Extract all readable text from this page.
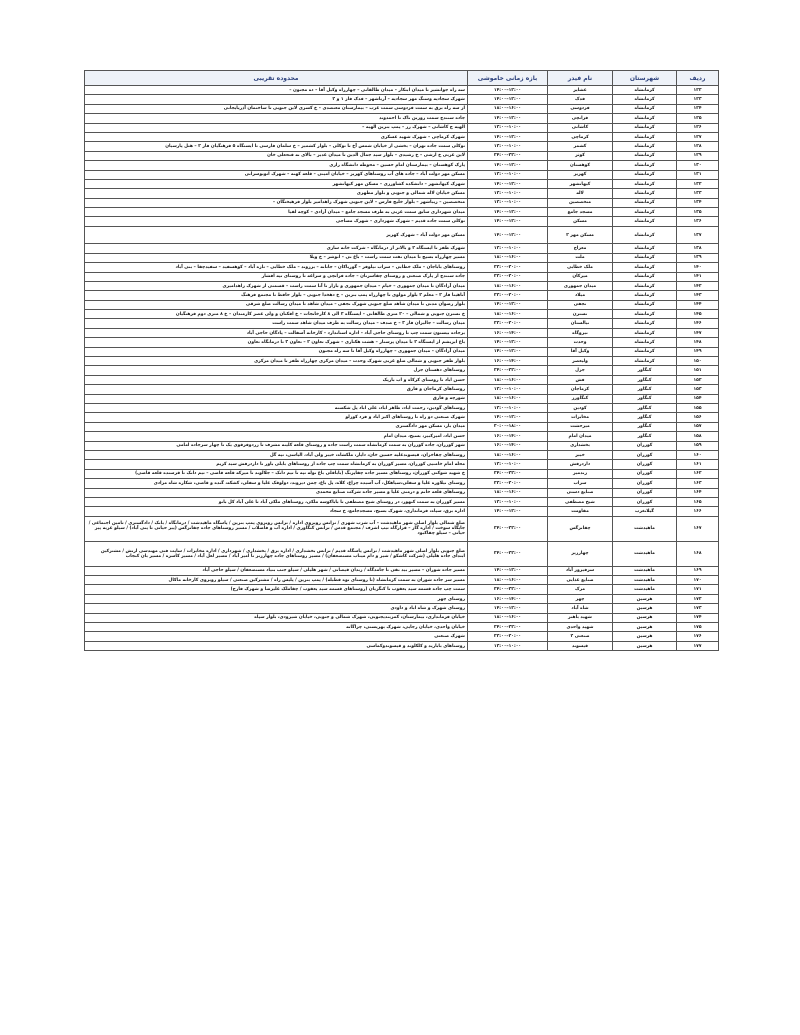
ردیف	شهرستان	نام فیدر	بازه زمانی خاموشی	محدوده تقریبی
۱۲۲	کرمانشاه	عشایر	۱۲:۰۰–۱۴:۰۰	سه راه جوانشیر تا میدان ابتکار – میدان طالقانی – چهارراه وکیل آقا – ده مجنون –
۱۲۳	کرمانشاه	فدک	۱۲:۰۰–۱۴:۰۰	شهرک سجادیه وسنگ مهر سجادیه – آریاشهر – فدک فاز ۱ و ۲
۱۲۴	کرمانشاه	فردوسی	۱۶:۰۰–۱۸:۰۰	از سه راه برق به سمت فردوسی سمت غرب – بیمارستان معتضدی – خ کسری لاین جنوبی تا ساختمان آذربایجانی
۱۲۵	کرمانشاه	فرانچی	۱۲:۰۰–۱۴:۰۰	جاده سنندج سمت روزبن ناک تا احمدوند
۱۲۶	کرمانشاه	کاشانی	۱۰:۰۰–۱۲:۰۰	الهیه ج کاشانی – شهرک رز – پمپ بنزین الهیه –
۱۲۷	کرمانشاه	کرماچی	۱۲:۰۰–۱۴:۰۰	شهرک کرماچی – شهرک شهید عسکری
۱۲۸	کرمانشاه	کشمر	۱۰:۰۰–۱۲:۰۰	توکلی سمت جاده تهران – بخشی از خیابان شمس آخ تا توکلی – بلوار کشمیر – خ سلمان فارسی تا ایستگاه ۵ فرهنگیان فاز ۲ – هتل پارسیان
۱۲۹	کرمانشاه	کوثر	۲۲:۰۰–۲۴:۰۰	لاین غربی خ ارشی – خ رشیدی – بلوار سید جمال الدین تا میدان غدیر – بالای نه قتحعلی خان
۱۳۰	کرمانشاه	کوهستان	۱۲:۰۰–۱۴:۰۰	پارک کوهستان – بیمارستان امام حسین – محوطه دانشگاه رازی
۱۳۱	کرمانشاه	کهریز	۱۰:۰۰–۱۲:۰۰	مسکن مهر دولت آباد – جاده های آب روستاهای کهریز – خیابان امینی – قلعه کهنه – شهرک اتوبوسرانی
۱۳۲	کرمانشاه	کیهانشهر	۱۲:۰۰–۱۴:۰۰	شهرک کیهانشهر – دانشکده کشاورزی – مسکن مهر کیهانشهر
۱۳۳	کرمانشاه	لاله	۱۰:۰۰–۱۲:۰۰	مسکن خیابان لاله شمالی و جنوبی و بلوار مطهری
۱۳۴	کرمانشاه	متخصصین	۱۰:۰۰–۱۲:۰۰	متخصصین – زیباشهر – بلوار خلیج فارس – لاین جنوبی شهرک زاهدامیر بلوار فرهیختگان –
۱۳۵	کرمانشاه	مسجد جامع	۱۲:۰۰–۱۴:۰۰	میدان شهرداری سابق سمت غربی به طرف مسجد جامع – میدان آزادی – کوچه لقیا
۱۳۶	کرمانشاه	مسکن	۱۲:۰۰–۱۴:۰۰	توکلی سمت جاده قدیم – شهرک شهرداری – شهرک مساجی
۱۳۷	کرمانشاه	مسکن مهر ۲	۱۲:۰۰–۱۴:۰۰	مسکن مهر دولت آباد – شهرک کهریز
۱۳۸	کرمانشاه	معراج	۱۰:۰۰–۱۲:۰۰	شهرک ظفر تا ایستگاه ۲ و بالاتر از درمانگاه – شرکت خانه سازی
۱۳۹	کرمانشاه	ملت	۱۶:۰۰–۱۸:۰۰	مسیر چهارراه بسیج تا میدان نفت سمت راست – باغ نی – انوشر – خ ویلا
۱۴۰	کرمانشاه	ملک خطابی	۲۰:۰۰–۲۲:۰۰	روستاهای باباجان – ملک خطابی – سراب نیلوفر – گوریاکان – جانانه – برزوند – ملک خطابی – تازه آباد – کوهسفید – سفیدچقا – بنی آباد
۱۴۱	کرمانشاه	میرکان	۲۰:۰۰–۲۲:۰۰	جاده سنندج از پارک صنعتی و روستای چقاسرتان – جاده فرانچی و سراغه تا روستای تپه افشار
۱۴۲	کرمانشاه	میدان جمهوری	۱۶:۰۰–۱۸:۰۰	میدان آزادگان تا میدان جمهوری – خیام – میدان جمهوری و بازار تا آنا سمت راست – قسمتی از شهرک زاهدامیری
۱۴۳	کرمانشاه	میلاد	۲۰:۰۰–۲۲:۰۰	آناهیتا فاز ۲ – معلم ۲ بلوار مولوی تا چهارراه پمپ بنزین – خ دهخدا جنوبی – بلوار حافظ تا مجتمع فرهنگ
۱۴۴	کرمانشاه	نجفی	۱۲:۰۰–۱۴:۰۰	بلوار رضوان مدنی تا میدان شاهد ضلع جنوبی شهرک نجفی – میدان شاهد تا میدان رسالت ضلع شرقی
۱۴۵	کرمانشاه	نسترن	۱۶:۰۰–۱۸:۰۰	خ نسترن جنوبی و شمالی – ۲۰ متری طالقانی – ایستگاه ۲ الی ۸ کارخانجات – خ افکنان و ولی عصر کارمندان – خ ۸ متری دوم فرهنگیان
۱۴۶	کرمانشاه	نیالستان	۲۰:۰۰–۲۲:۰۰	میدان رسالت – جالیزان فاز ۳ – خ صدف – میدان رسالت به طرف میدان شاهد سمت راست
۱۴۷	کرمانشاه	نیروگاه	۱۴:۰۰–۱۶:۰۰	برجاده بیستون سمت چپ تا روستای حاجی آباد – اداره استاندارد – کارخانه آسفالت – پادگان حاجی آباد
۱۴۸	کرمانشاه	وحدت	۱۲:۰۰–۱۴:۰۰	باغ ابریشم از ایستگاه ۲ تا میدان پرستار – هشت هکتاری – شهرک تعاون ۲ – تعاون ۳ تا درمانگاه تعاون
۱۴۹	کرمانشاه	وکیل آقا	۱۲:۰۰–۱۴:۰۰	میدان آزادگان – میدان جمهوری – چهارراه وکیل آقا تا سه راه مجنون
۱۵۰	کرمانشاه	ولیعصر	۱۴:۰۰–۱۶:۰۰	بلوار ظفر جنوبی و شمالی ضلع غربی شهرک وحدت – میدان مرکزی چهارراه ظفر تا میدان مرکزی
۱۵۱	کنگاور	جزل	۲۲:۰۰–۲۴:۰۰	روستاهای دهستان جزل
۱۵۲	کنگاور	فش	۱۶:۰۰–۱۸:۰۰	حسن اباد تا روستای کرکاه و اب باریک
۱۵۳	کنگاور	کرماجان	۱۰:۰۰–۱۲:۰۰	روستاهای کرماجان و فارق
۱۵۴	کنگاور	کنگاورز	۱۶:۰۰–۱۸:۰۰	شورچه و فارق
۱۵۵	کنگاور	کودین	۱۰:۰۰–۱۲:۰۰	روستاهای گودین، رحمت اباد، طاهر اباد، علی اباد پل شکسته
۱۵۶	کنگاور	مخابرات	۱۲:۰۰–۱۴:۰۰	شهرک صنعتی دو راه تا روستاهای اکبر اباد و فرد کوزلو
۱۵۷	کنگاور	میرحشت	۱۸:۰۰–۲۰:۰۰	میدان بار، مسکن مهر دادگستری
۱۵۸	کنگاور	میدان امام	۱۴:۰۰–۱۶:۰۰	حسن اباد، امیرکبیر، بسیج، میدان امام
۱۵۹	کوزران	بخشداری	۱۴:۰۰–۱۶:۰۰	شهر کوزران، جاده کوزران به سمت کرمانشاه سمت راست جاده و روستای قلعه کلینه مشرف تا زردوفرقوی یک تا چهار سرجاده امامی
۱۶۰	کوزران	خیبر	۱۶:۰۰–۱۸:۰۰	روستاهای چقاخزان، قیسوندعلیه حسین خان، دایار، ملکشاه، خیبر ولی آباد، الیاسی، تپه گل
۱۶۱	کوزران	داردرفش	۱۰:۰۰–۱۲:۰۰	محله امام خامنیی کوزران، مسیر کوزران به کرمانشاه سمت چپ جاده از روستاهای بابلی باور تا داردرفش سید کریم
۱۶۲	کوزران	زندمیر	۲۲:۰۰–۲۴:۰۰	خ شهید شوکتی کوزران، روستاهای مسیر جاده چقاپرنگ (باباقلی باغ نوله تپه تا تیم دانک – جلالوند تا میرکه قلعه قاضی – تیم دانک تا قرستده قلعه قاضی)
۱۶۳	کوزران	سراب	۲۰:۰۰–۲۲:۰۰	روستای نیلاوره علیا و سفلی،سیاهکل، آب آسیده چراغ، کلاه، پل باغ، چمن دیزوند، دولوقک علیا و سفلی، کشکه، گنده و قاضی، شکاره شاه مرادی
۱۶۴	کوزران	صنایع دستی	۱۶:۰۰–۱۸:۰۰	روستاهای قلعه خانم و درمنی علیا و مسیر جاده شرکت صنایع محمدی
۱۶۵	کوزران	شیخ مصطفی	۱۰:۰۰–۱۲:۰۰	مسیر کوزران به سمت کنهور، در روستای شیخ مصطفی تا باباکوسه ملکی، روستاهای ملکی آباد تا علی آباد کل بانو
۱۶۶	گیلانغرب	مقاومت	۱۲:۰۰–۱۴:۰۰	اداره برق، سپاه، فرمانداری، شهرک بسیج، مسجدجامع، خ سجاد
۱۶۷	ماهیدشت	چقانرگس	۲۲:۰۰–۲۴:۰۰	ضلع شمالی بلوار اصلی شهر ماهیدشت – آب شرب شهری / ترانس روبروی اداره / ترانس روبروی پمپ بنزین / پاسگاه ماهیدشت / درمانگاه / بانک / دادگستری / تامین اجتماعی / جایگاه سوخت / اداره گاز – قرارگاه تیپ اشرف / مجتمع قدس / ترانس کنگاوری / اداره آب و فاضلاب / مسیر روستاهای جاده چقانرگس (پیر حیاتی تا پنی آباد) / سیلو عربه پیر حیاتی – سیلو چقاکبود
۱۶۸	ماهیدشت	چهارزبر	۲۲:۰۰–۲۴:۰۰	ضلع جنوبی بلوار اصلی شهر ماهیدشت / ترانس پاسگاه قدیم / ترانس بخشداری / اداره برق / بخشداری / شهرداری / اداره مخابرات / سایت فنی مهندسی ارتش / مشترکین ابتدای جاده هلیلی (شرکت کاشکو / شیر و دام میناب مستضعفان) / مسیر روستاهای جاده چهارزبر تا امیر آباد / مسیر لعل آباد / مسیر کاسره / مسیر بان کنجاب
۱۶۹	ماهیدشت	سرفیروز آباد	۱۲:۰۰–۱۴:۰۰	مسیر جاده شوران – مسیر بید نقی تا جامدگاه / زندان قیصانی / شهر هلیلی / سیلو جنب بنیاد مستضعفان / سیلو حاجی آباد
۱۷۰	ماهیدشت	صنایع غذایی	۱۶:۰۰–۱۸:۰۰	مسیر سر جاده شوران به سمت کرمانشاه (تا روستای توه قطبله) / پمپ بنزین / پلیس راه / مشترکین صنعتی / سیلو روبروی کارخانه ماکال
۱۷۱	ماهیدشت	مرک	۲۲:۰۰–۲۴:۰۰	سمت چپ جاده قسمه سید یعقوب تا کنگریان (روستاهای قسمه سید یعقوب / چقاملک علیرضا و شهرک فارج)
۱۷۲	هرسین	چهر	۱۴:۰۰–۱۶:۰۰	روستای چهر
۱۷۳	هرسین	شاه آباد	۱۲:۰۰–۱۴:۰۰	روستای شهرک و شاه اباد و داودی
۱۷۴	هرسین	شهید باهنر	۱۶:۰۰–۱۸:۰۰	خیابان فرمانداری، بیمارستان، کمربندیجنوبی، شهرک شمالی و جنوبی، خیابان شیرودی، بلوار سپاه
۱۷۵	هرسین	شهید واحدی	۲۲:۰۰–۲۴:۰۰	خیابان واحدی، خیابان رجایی، شهرک بهزیستی، چراگانه
۱۷۶	هرسین	صنعتی ۲	۲۰:۰۰–۲۲:۰۰	شهرک صنعتی
۱۷۷	هرسین	قیسوند	۱۰:۰۰–۱۲:۰۰	روستاهای بابارید و کلکلوند و قیسوندوکماسی
